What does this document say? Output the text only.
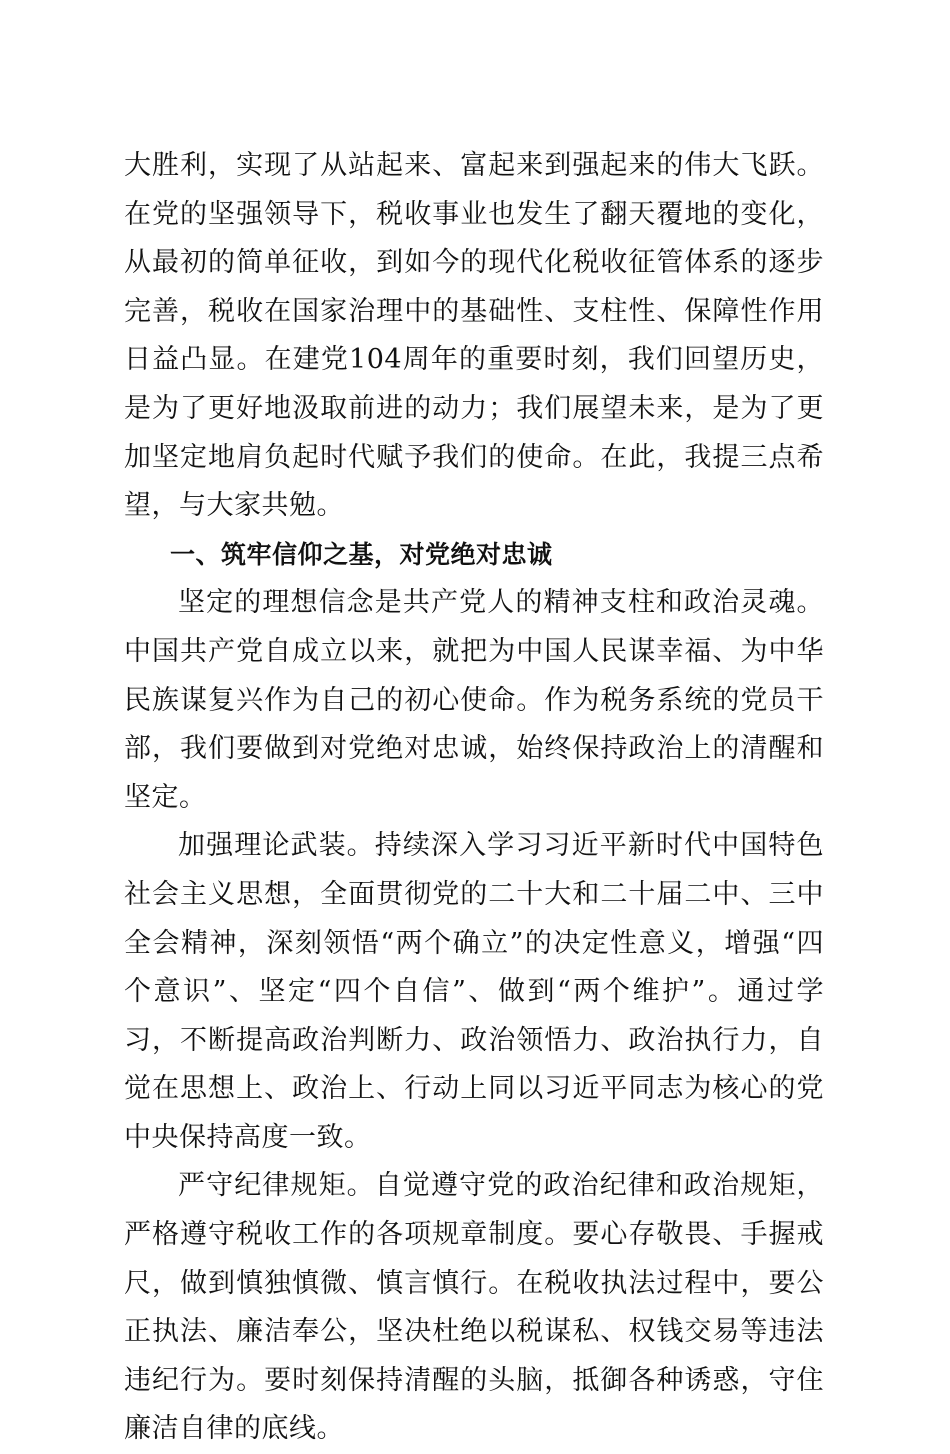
大胜利，实现了从站起来、富起来到强起来的伟大飞跃。在党的坚强领导下，税收事业也发生了翻天覆地的变化，从最初的简单征收，到如今的现代化税收征管体系的逐步完善，税收在国家治理中的基础性、支柱性、保障性作用日益凸显。在建党104周年的重要时刻，我们回望历史，是为了更好地汲取前进的动力；我们展望未来，是为了更加坚定地肩负起时代赋予我们的使命。在此，我提三点希望，与大家共勉。

一、筑牢信仰之基，对党绝对忠诚

坚定的理想信念是共产党人的精神支柱和政治灵魂。中国共产党自成立以来，就把为中国人民谋幸福、为中华民族谋复兴作为自己的初心使命。作为税务系统的党员干部，我们要做到对党绝对忠诚，始终保持政治上的清醒和坚定。

加强理论武装。持续深入学习习近平新时代中国特色社会主义思想，全面贯彻党的二十大和二十届二中、三中全会精神，深刻领悟“两个确立”的决定性意义，增强“四个意识”、坚定“四个自信”、做到“两个维护”。通过学习，不断提高政治判断力、政治领悟力、政治执行力，自觉在思想上、政治上、行动上同以习近平同志为核心的党中央保持高度一致。

严守纪律规矩。自觉遵守党的政治纪律和政治规矩，严格遵守税收工作的各项规章制度。要心存敬畏、手握戒尺，做到慎独慎微、慎言慎行。在税收执法过程中，要公正执法、廉洁奉公，坚决杜绝以税谋私、权钱交易等违法违纪行为。要时刻保持清醒的头脑，抵御各种诱惑，守住廉洁自律的底线。
